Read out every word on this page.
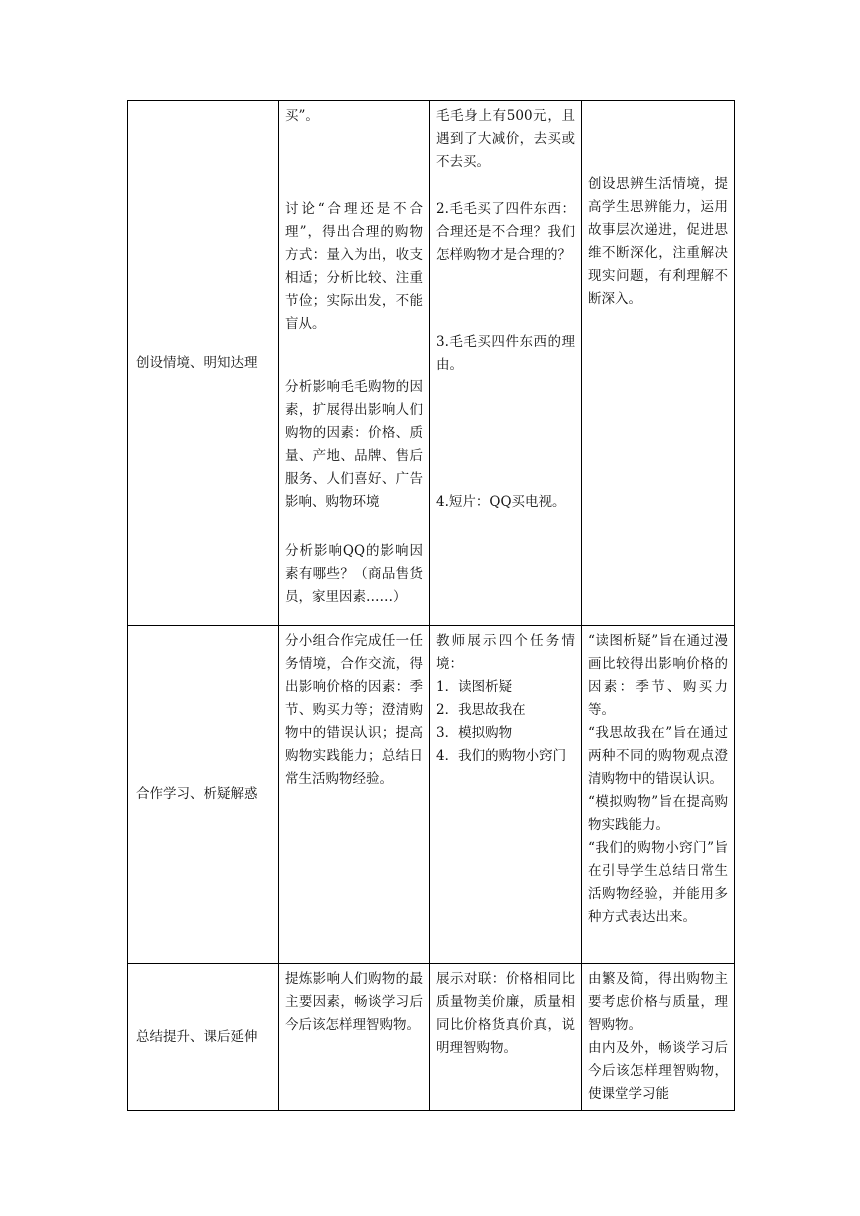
创设情境、明知达理	买”。
讨论“合理还是不合理”，得出合理的购物方式：量入为出，收支相适；分析比较、注重节俭；实际出发，不能盲从。
分析影响毛毛购物的因素，扩展得出影响人们购物的因素：价格、质量、产地、品牌、售后服务、人们喜好、广告影响、购物环境
分析影响QQ的影响因素有哪些？（商品售货员，家里因素……）	毛毛身上有500元，且遇到了大减价，去买或不去买。
2.毛毛买了四件东西：合理还是不合理？我们怎样购物才是合理的？
3.毛毛买四件东西的理由。
4.短片：QQ买电视。	创设思辨生活情境，提高学生思辨能力，运用故事层次递进，促进思维不断深化，注重解决现实问题，有利理解不断深入。

合作学习、析疑解惑	分小组合作完成任一任务情境，合作交流，得出影响价格的因素：季节、购买力等；澄清购物中的错误认识；提高购物实践能力；总结日常生活购物经验。	教师展示四个任务情境：
1．读图析疑
2．我思故我在
3．模拟购物
4．我们的购物小窍门	“读图析疑”旨在通过漫画比较得出影响价格的因素：季节、购买力等。
“我思故我在”旨在通过两种不同的购物观点澄清购物中的错误认识。
“模拟购物”旨在提高购物实践能力。
“我们的购物小窍门”旨在引导学生总结日常生活购物经验，并能用多种方式表达出来。

总结提升、课后延伸	提炼影响人们购物的最主要因素，畅谈学习后今后该怎样理智购物。	展示对联：价格相同比质量物美价廉，质量相同比价格货真价真，说明理智购物。	由繁及简，得出购物主要考虑价格与质量，理智购物。
由内及外，畅谈学习后今后该怎样理智购物，使课堂学习能
